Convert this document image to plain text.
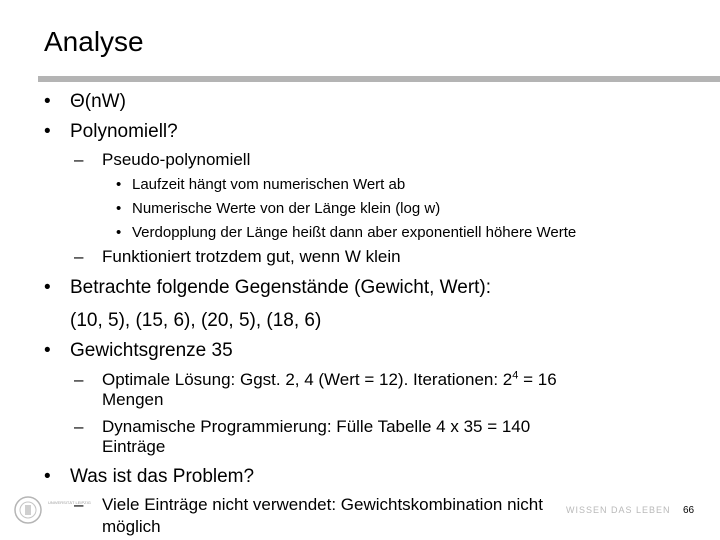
Analyse
• Θ(nW)
• Polynomiell?
– Pseudo-polynomiell
• Laufzeit hängt vom numerischen Wert ab
• Numerische Werte von der Länge klein (log w)
• Verdopplung der Länge heißt dann aber exponentiell höhere Werte
– Funktioniert trotzdem gut, wenn W klein
• Betrachte folgende Gegenstände (Gewicht, Wert):
(10, 5), (15, 6), (20, 5), (18, 6)
• Gewichtsgrenze 35
– Optimale Lösung: Ggst. 2, 4 (Wert = 12). Iterationen: $2^4 = 16$
Mengen
– Dynamische Programmierung: Fülle Tabelle 4 x 35 = 140
Einträge
• Was ist das Problem?
UNIVERSITÄT LEIPZIG
WISSEN DAS LEBEN
– Viele Einträge nicht verwendet: Gewichtskombination nicht
möglich
66
